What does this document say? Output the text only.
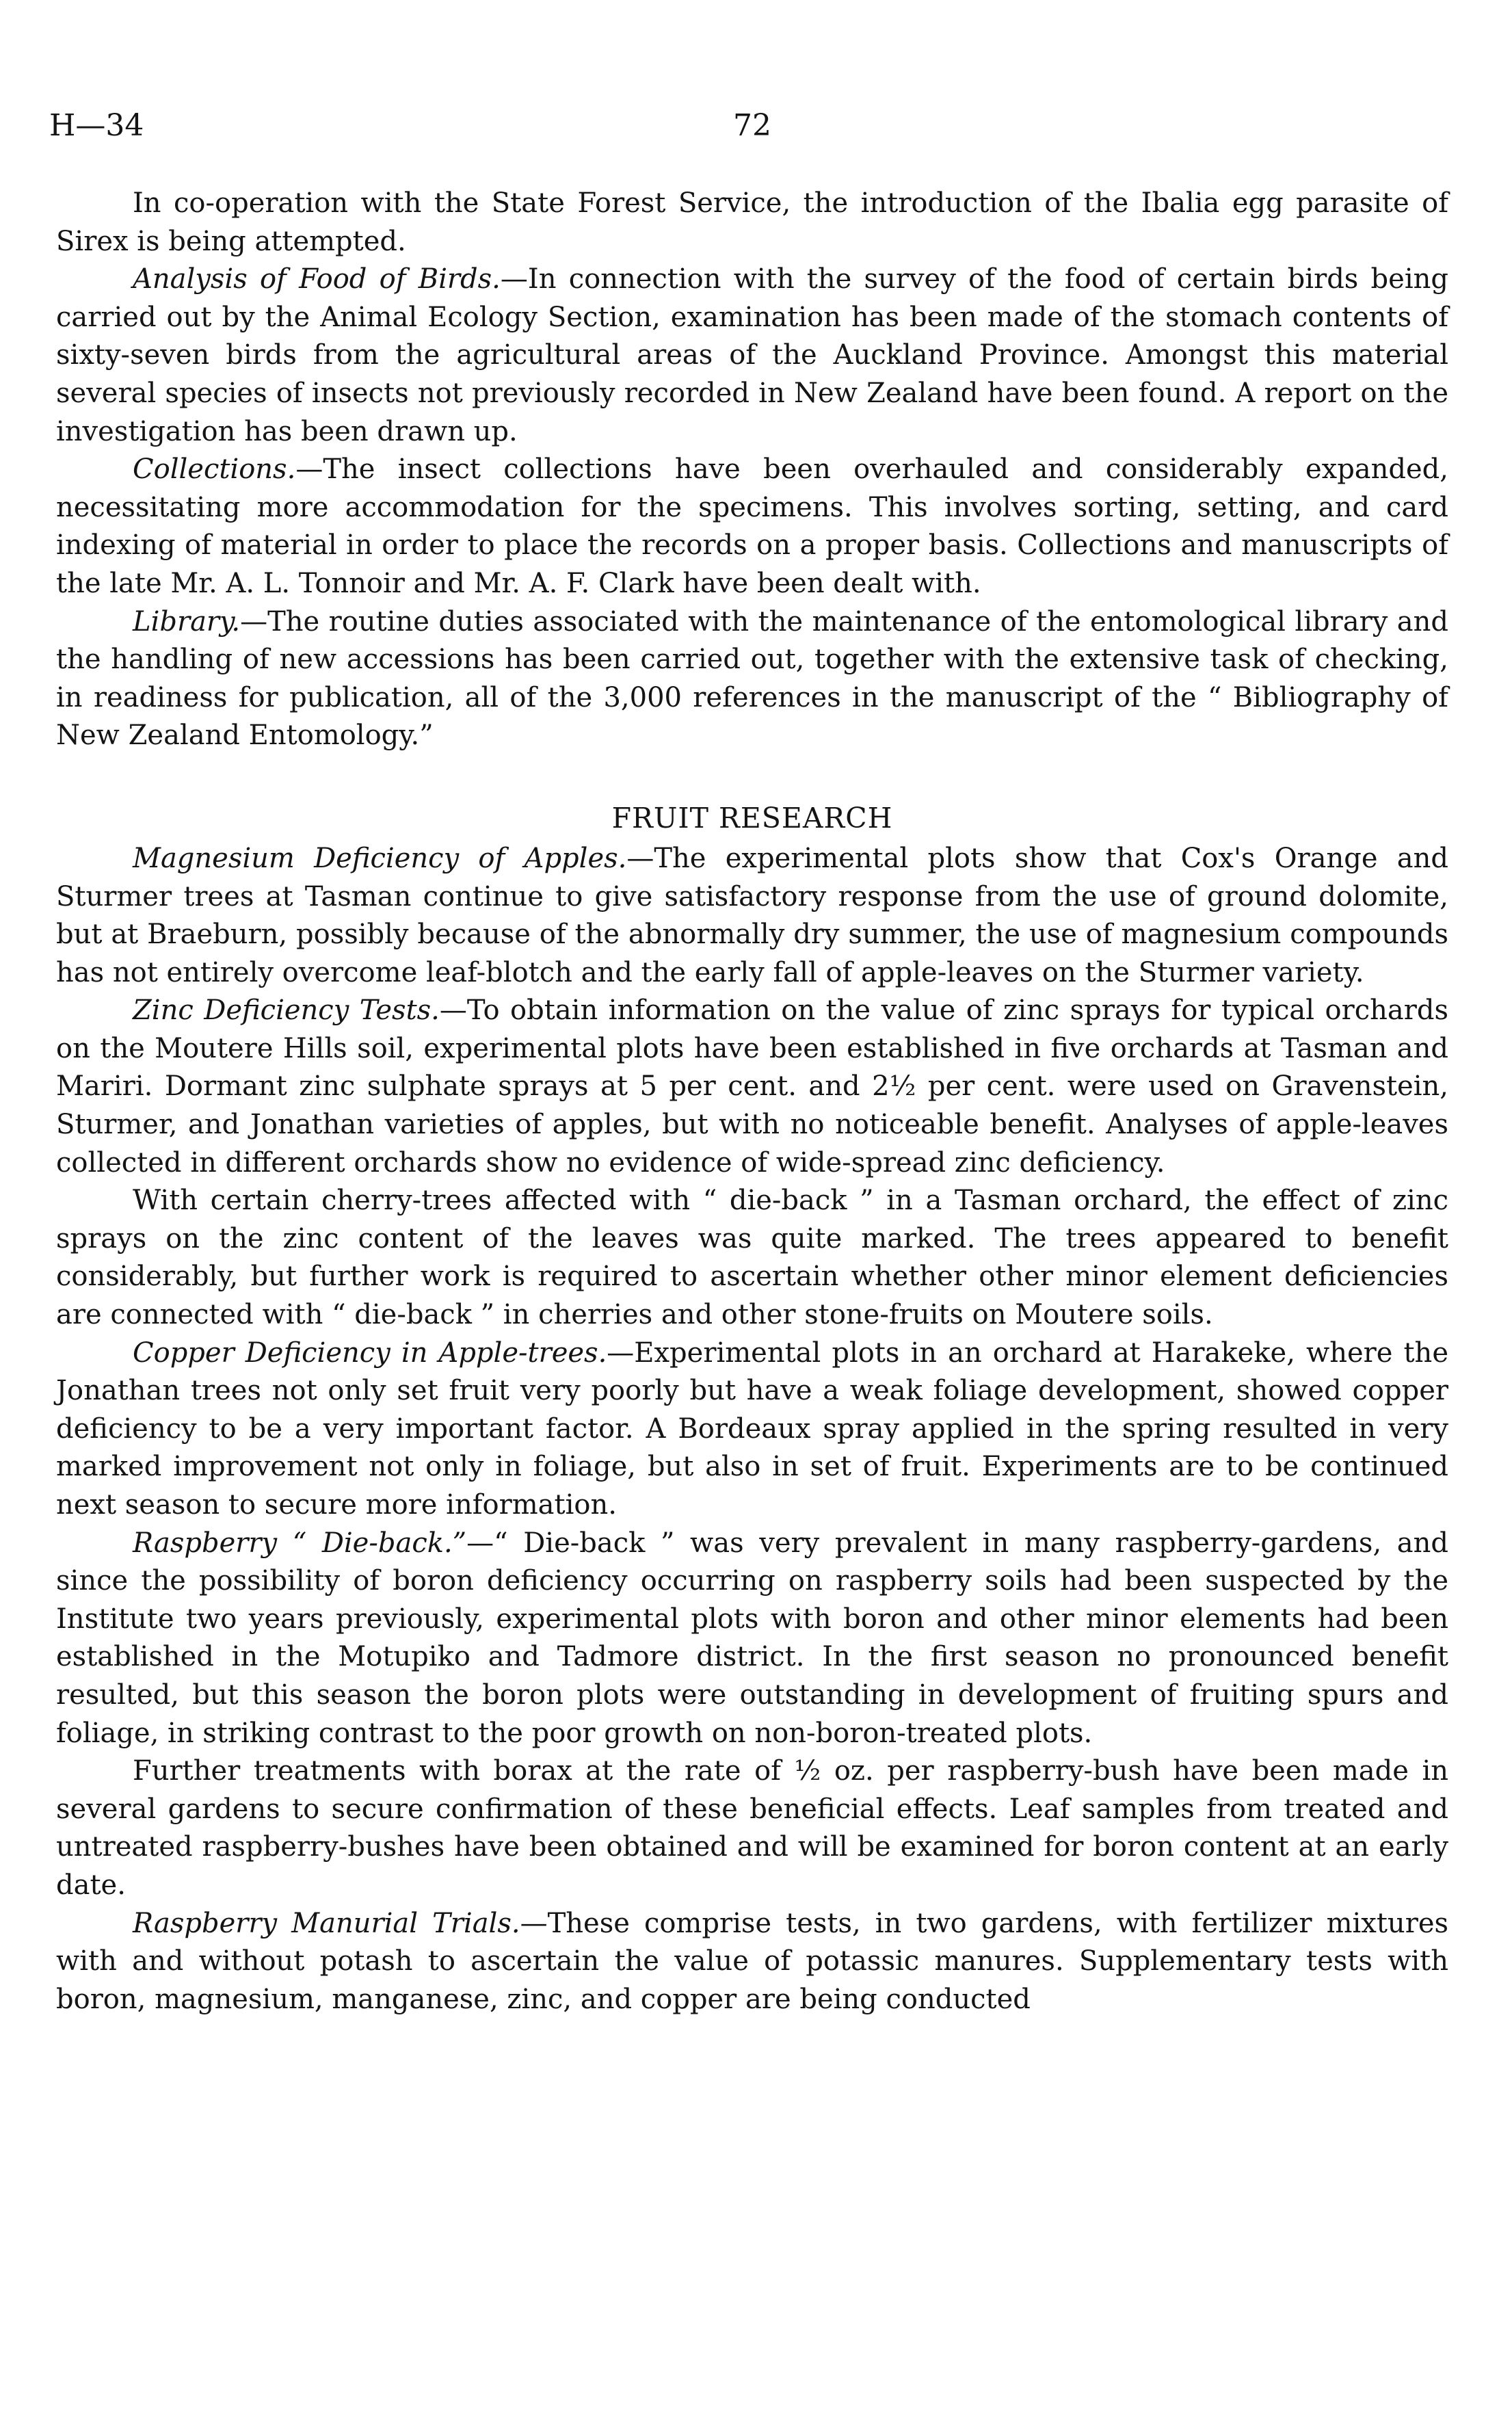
H—34	72

In co-operation with the State Forest Service, the introduction of the Ibalia egg parasite of Sirex is being attempted.

Analysis of Food of Birds.—In connection with the survey of the food of certain birds being carried out by the Animal Ecology Section, examination has been made of the stomach contents of sixty-seven birds from the agricultural areas of the Auckland Province. Amongst this material several species of insects not previously recorded in New Zealand have been found. A report on the investigation has been drawn up.

Collections.—The insect collections have been overhauled and considerably expanded, necessitating more accommodation for the specimens. This involves sorting, setting, and card indexing of material in order to place the records on a proper basis. Collections and manuscripts of the late Mr. A. L. Tonnoir and Mr. A. F. Clark have been dealt with.

Library.—The routine duties associated with the maintenance of the entomological library and the handling of new accessions has been carried out, together with the extensive task of checking, in readiness for publication, all of the 3,000 references in the manuscript of the “ Bibliography of New Zealand Entomology.”

FRUIT RESEARCH

Magnesium Deficiency of Apples.—The experimental plots show that Cox's Orange and Sturmer trees at Tasman continue to give satisfactory response from the use of ground dolomite, but at Braeburn, possibly because of the abnormally dry summer, the use of magnesium compounds has not entirely overcome leaf-blotch and the early fall of apple-leaves on the Sturmer variety.

Zinc Deficiency Tests.—To obtain information on the value of zinc sprays for typical orchards on the Moutere Hills soil, experimental plots have been established in five orchards at Tasman and Mariri. Dormant zinc sulphate sprays at 5 per cent. and 2½ per cent. were used on Gravenstein, Sturmer, and Jonathan varieties of apples, but with no noticeable benefit. Analyses of apple-leaves collected in different orchards show no evidence of wide-spread zinc deficiency.

With certain cherry-trees affected with “ die-back ” in a Tasman orchard, the effect of zinc sprays on the zinc content of the leaves was quite marked. The trees appeared to benefit considerably, but further work is required to ascertain whether other minor element deficiencies are connected with “ die-back ” in cherries and other stone-fruits on Moutere soils.

Copper Deficiency in Apple-trees.—Experimental plots in an orchard at Harakeke, where the Jonathan trees not only set fruit very poorly but have a weak foliage development, showed copper deficiency to be a very important factor. A Bordeaux spray applied in the spring resulted in very marked improvement not only in foliage, but also in set of fruit. Experiments are to be continued next season to secure more information.

Raspberry “ Die-back.”—“ Die-back ” was very prevalent in many raspberry-gardens, and since the possibility of boron deficiency occurring on raspberry soils had been suspected by the Institute two years previously, experimental plots with boron and other minor elements had been established in the Motupiko and Tadmore district. In the first season no pronounced benefit resulted, but this season the boron plots were outstanding in development of fruiting spurs and foliage, in striking contrast to the poor growth on non-boron-treated plots.

Further treatments with borax at the rate of ½ oz. per raspberry-bush have been made in several gardens to secure confirmation of these beneficial effects. Leaf samples from treated and untreated raspberry-bushes have been obtained and will be examined for boron content at an early date.

Raspberry Manurial Trials.—These comprise tests, in two gardens, with fertilizer mixtures with and without potash to ascertain the value of potassic manures. Supplementary tests with boron, magnesium, manganese, zinc, and copper are being conducted
